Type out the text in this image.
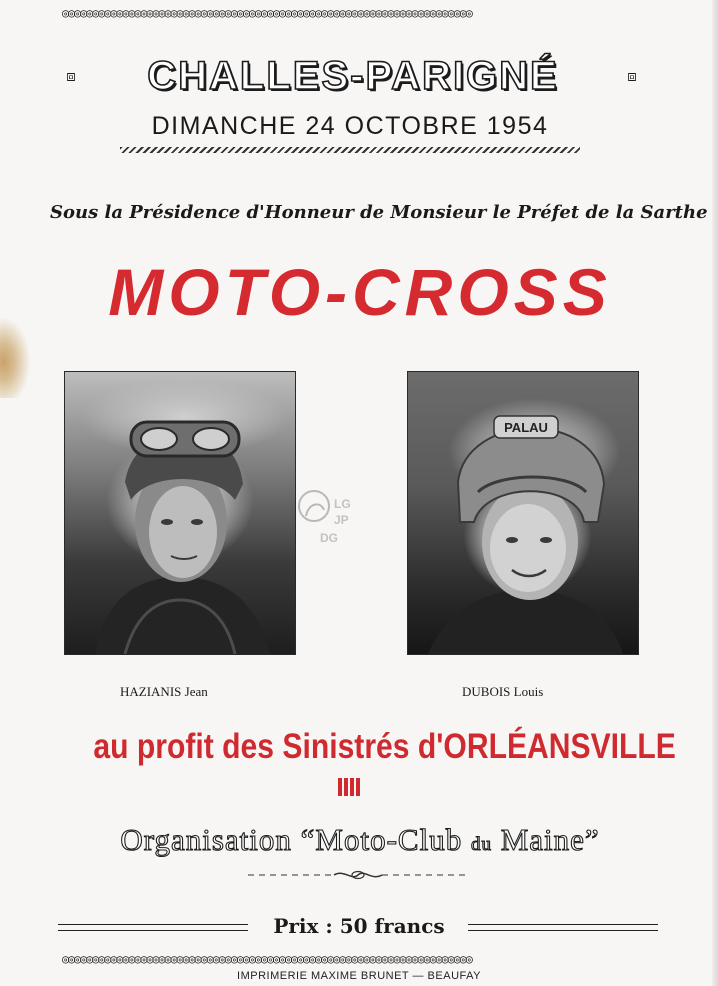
◎◎◎◎◎◎◎◎◎◎◎◎◎◎◎◎◎◎◎◎◎◎◎◎◎◎◎◎◎◎◎◎◎◎◎◎◎◎◎◎◎◎◎◎◎◎◎◎◎◎◎◎◎◎◎◎◎◎◎◎◎◎◎◎◎◎◎◎
⧈	⧈
CHALLES-PARIGNÉ
DIMANCHE 24 OCTOBRE 1954
Sous la Présidence d'Honneur de Monsieur le Préfet de la Sarthe
MOTO-CROSS
PALAU
LG
JP
DG
HAZIANIS Jean	DUBOIS Louis
au profit des Sinistrés d'ORLÉANSVILLE
Organisation “Moto-Club du Maine”
Prix : 50 francs
◎◎◎◎◎◎◎◎◎◎◎◎◎◎◎◎◎◎◎◎◎◎◎◎◎◎◎◎◎◎◎◎◎◎◎◎◎◎◎◎◎◎◎◎◎◎◎◎◎◎◎◎◎◎◎◎◎◎◎◎◎◎◎◎◎◎◎◎
IMPRIMERIE MAXIME BRUNET — BEAUFAY
